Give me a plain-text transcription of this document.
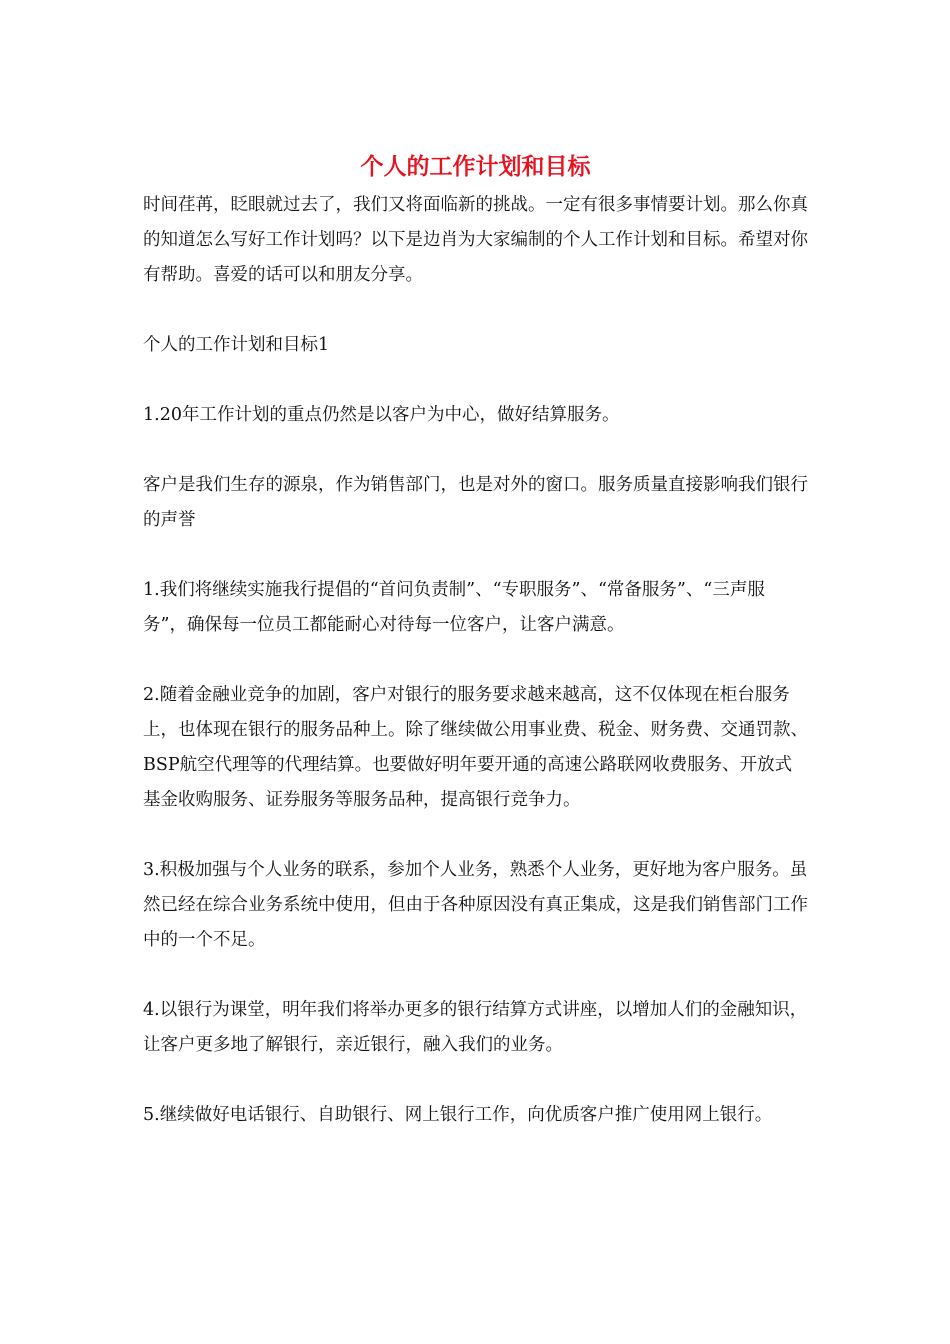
个人的工作计划和目标

时间荏苒，眨眼就过去了，我们又将面临新的挑战。一定有很多事情要计划。那么你真的知道怎么写好工作计划吗？以下是边肖为大家编制的个人工作计划和目标。希望对你有帮助。喜爱的话可以和朋友分享。

个人的工作计划和目标1

1.20年工作计划的重点仍然是以客户为中心，做好结算服务。

客户是我们生存的源泉，作为销售部门，也是对外的窗口。服务质量直接影响我们银行的声誉

1.我们将继续实施我行提倡的“首问负责制”、“专职服务”、“常备服务”、“三声服务”，确保每一位员工都能耐心对待每一位客户，让客户满意。

2.随着金融业竞争的加剧，客户对银行的服务要求越来越高，这不仅体现在柜台服务上，也体现在银行的服务品种上。除了继续做公用事业费、税金、财务费、交通罚款、BSP航空代理等的代理结算。也要做好明年要开通的高速公路联网收费服务、开放式基金收购服务、证券服务等服务品种，提高银行竞争力。

3.积极加强与个人业务的联系，参加个人业务，熟悉个人业务，更好地为客户服务。虽然已经在综合业务系统中使用，但由于各种原因没有真正集成，这是我们销售部门工作中的一个不足。

4.以银行为课堂，明年我们将举办更多的银行结算方式讲座，以增加人们的金融知识，让客户更多地了解银行，亲近银行，融入我们的业务。

5.继续做好电话银行、自助银行、网上银行工作，向优质客户推广使用网上银行。
